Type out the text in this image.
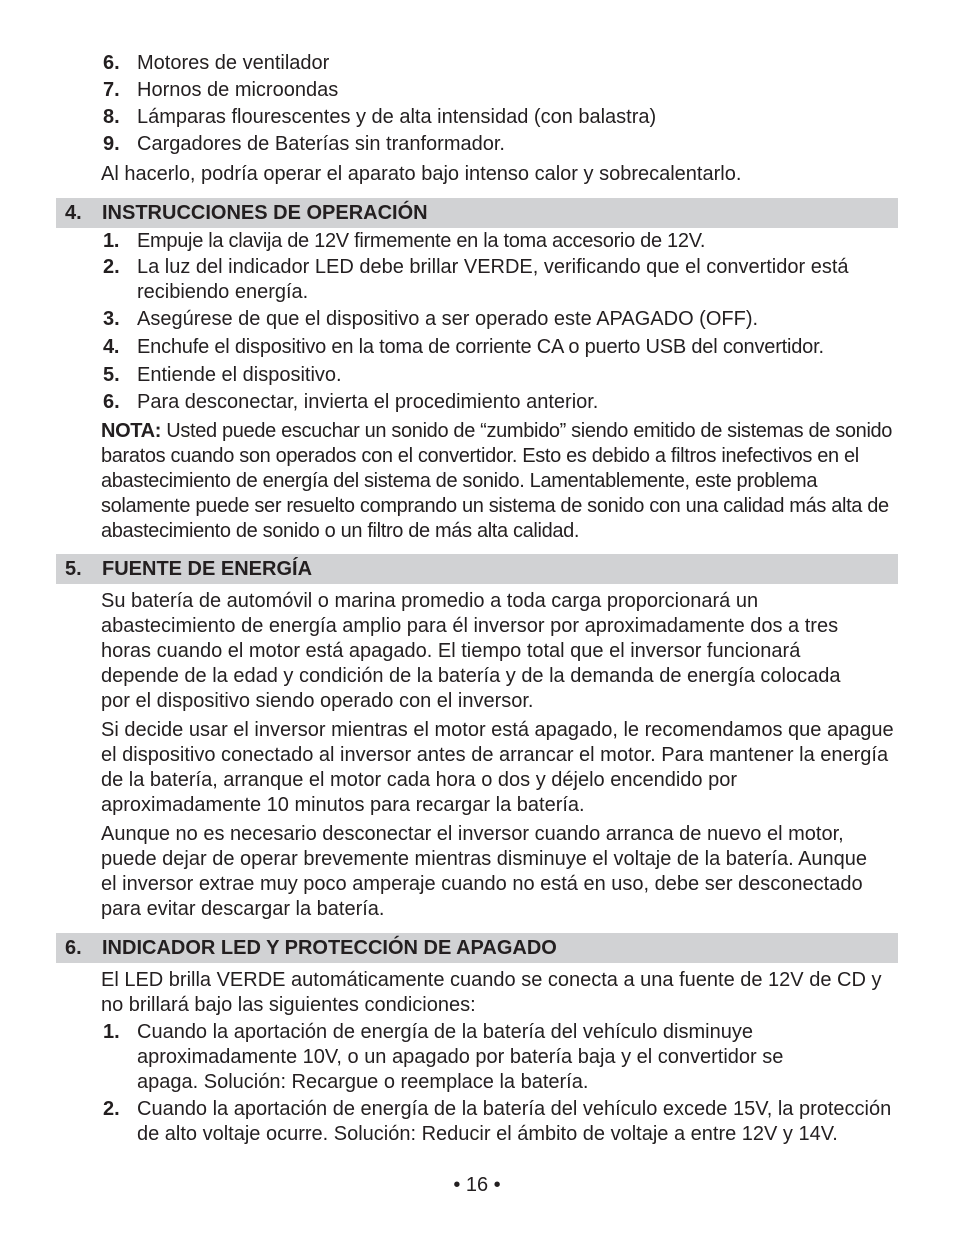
6. Motores de ventilador
7. Hornos de microondas
8. Lámparas flourescentes y de alta intensidad (con balastra)
9. Cargadores de Baterías sin tranformador.

Al hacerlo, podría operar el aparato bajo intenso calor y sobrecalentarlo.

4. INSTRUCCIONES DE OPERACIÓN
1. Empuje la clavija de 12V firmemente en la toma accesorio de 12V.
2. La luz del indicador LED debe brillar VERDE, verificando que el convertidor está recibiendo energía.
3. Asegúrese de que el dispositivo a ser operado este APAGADO (OFF).
4. Enchufe el dispositivo en la toma de corriente CA o puerto USB del convertidor.
5. Entiende el dispositivo.
6. Para desconectar, invierta el procedimiento anterior.

NOTA: Usted puede escuchar un sonido de “zumbido” siendo emitido de sistemas de sonido baratos cuando son operados con el convertidor. Esto es debido a filtros inefectivos en el abastecimiento de energía del sistema de sonido. Lamentablemente, este problema solamente puede ser resuelto comprando un sistema de sonido con una calidad más alta de abastecimiento de sonido o un filtro de más alta calidad.

5. FUENTE DE ENERGÍA

Su batería de automóvil o marina promedio a toda carga proporcionará un abastecimiento de energía amplio para él inversor por aproximadamente dos a tres horas cuando el motor está apagado. El tiempo total que el inversor funcionará depende de la edad y condición de la batería y de la demanda de energía colocada por el dispositivo siendo operado con el inversor.

Si decide usar el inversor mientras el motor está apagado, le recomendamos que apague el dispositivo conectado al inversor antes de arrancar el motor. Para mantener la energía de la batería, arranque el motor cada hora o dos y déjelo encendido por aproximadamente 10 minutos para recargar la batería.

Aunque no es necesario desconectar el inversor cuando arranca de nuevo el motor, puede dejar de operar brevemente mientras disminuye el voltaje de la batería. Aunque el inversor extrae muy poco amperaje cuando no está en uso, debe ser desconectado para evitar descargar la batería.

6. INDICADOR LED Y PROTECCIÓN DE APAGADO

El LED brilla VERDE automáticamente cuando se conecta a una fuente de 12V de CD y no brillará bajo las siguientes condiciones:

1. Cuando la aportación de energía de la batería del vehículo disminuye aproximadamente 10V, o un apagado por batería baja y el convertidor se apaga. Solución: Recargue o reemplace la batería.
2. Cuando la aportación de energía de la batería del vehículo excede 15V, la protección de alto voltaje ocurre. Solución: Reducir el ámbito de voltaje a entre 12V y 14V.
• 16 •
